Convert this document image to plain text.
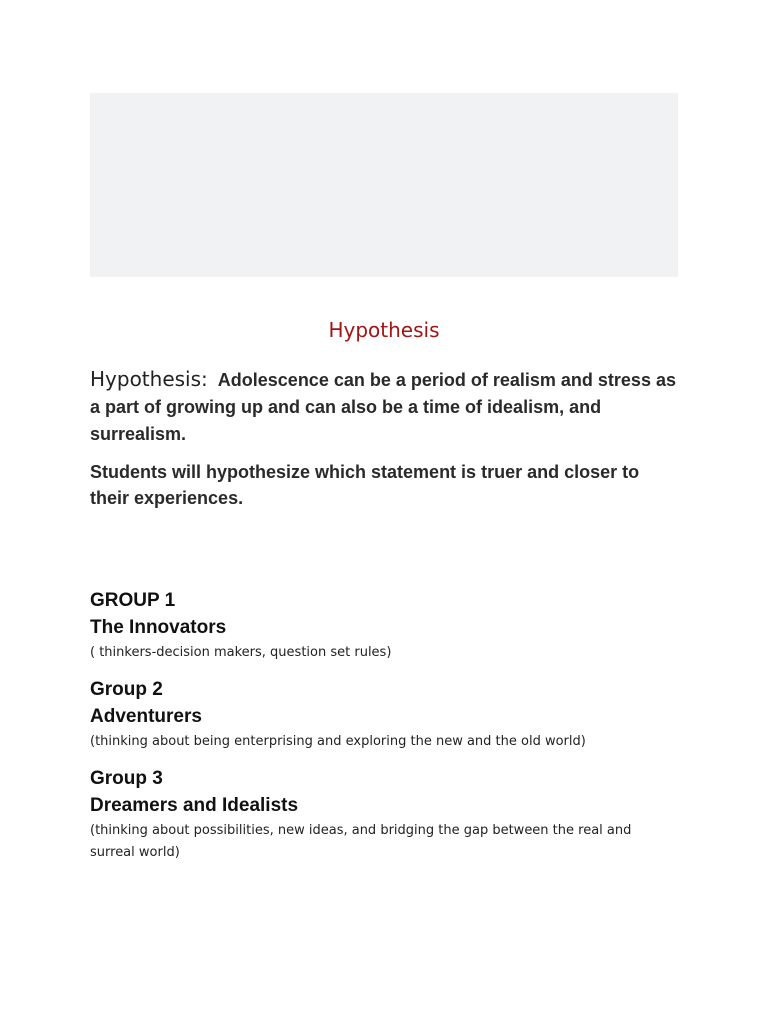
Hypothesis
Hypothesis: Adolescence can be a period of realism and stress as a part of growing up and can also be a time of idealism, and surrealism.
Students will hypothesize which statement is truer and closer to their experiences.
GROUP 1
The Innovators
( thinkers-decision makers, question set rules)
Group 2
Adventurers
(thinking about being enterprising and exploring the new and the old world)
Group 3
Dreamers and Idealists
(thinking about possibilities, new ideas, and bridging the gap between the real and surreal world)
